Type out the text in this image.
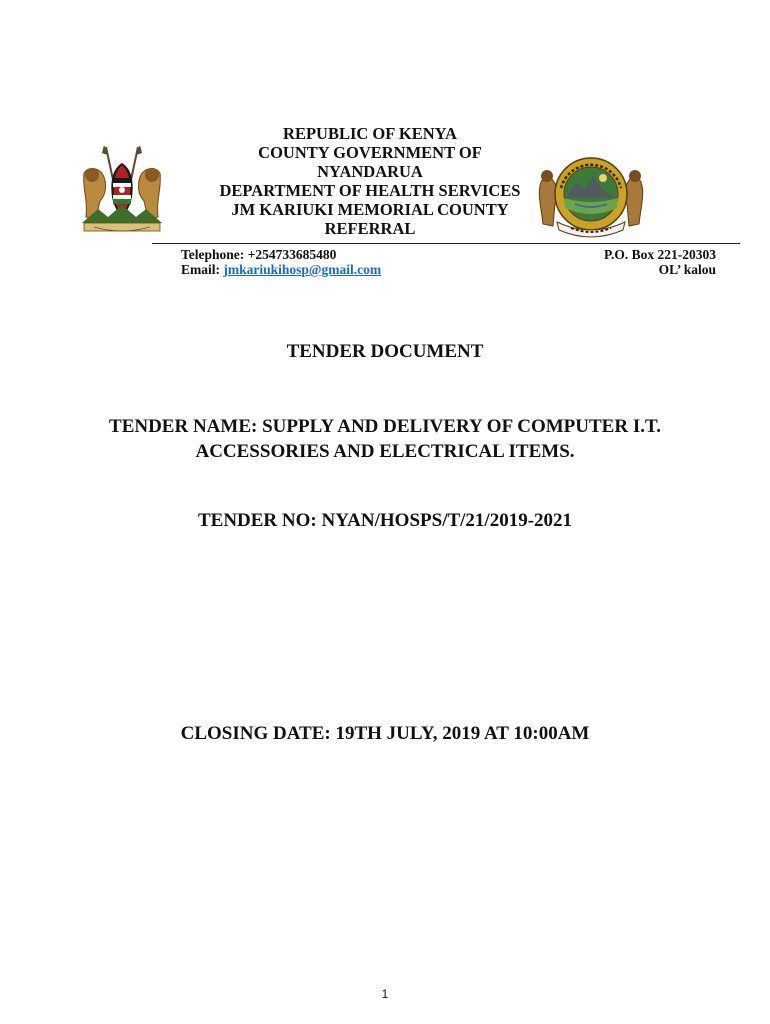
REPUBLIC OF KENYA
COUNTY GOVERNMENT OF
NYANDARUA
DEPARTMENT OF HEALTH SERVICES
JM KARIUKI MEMORIAL COUNTY
REFERRAL
Telephone: +254733685480
Email: jmkariukihosp@gmail.com
P.O. Box 221-20303
OL’ kalou
TENDER DOCUMENT
TENDER NAME: SUPPLY AND DELIVERY OF COMPUTER I.T.
ACCESSORIES AND ELECTRICAL ITEMS.
TENDER NO: NYAN/HOSPS/T/21/2019-2021
CLOSING DATE: 19TH JULY, 2019 AT 10:00AM
1
